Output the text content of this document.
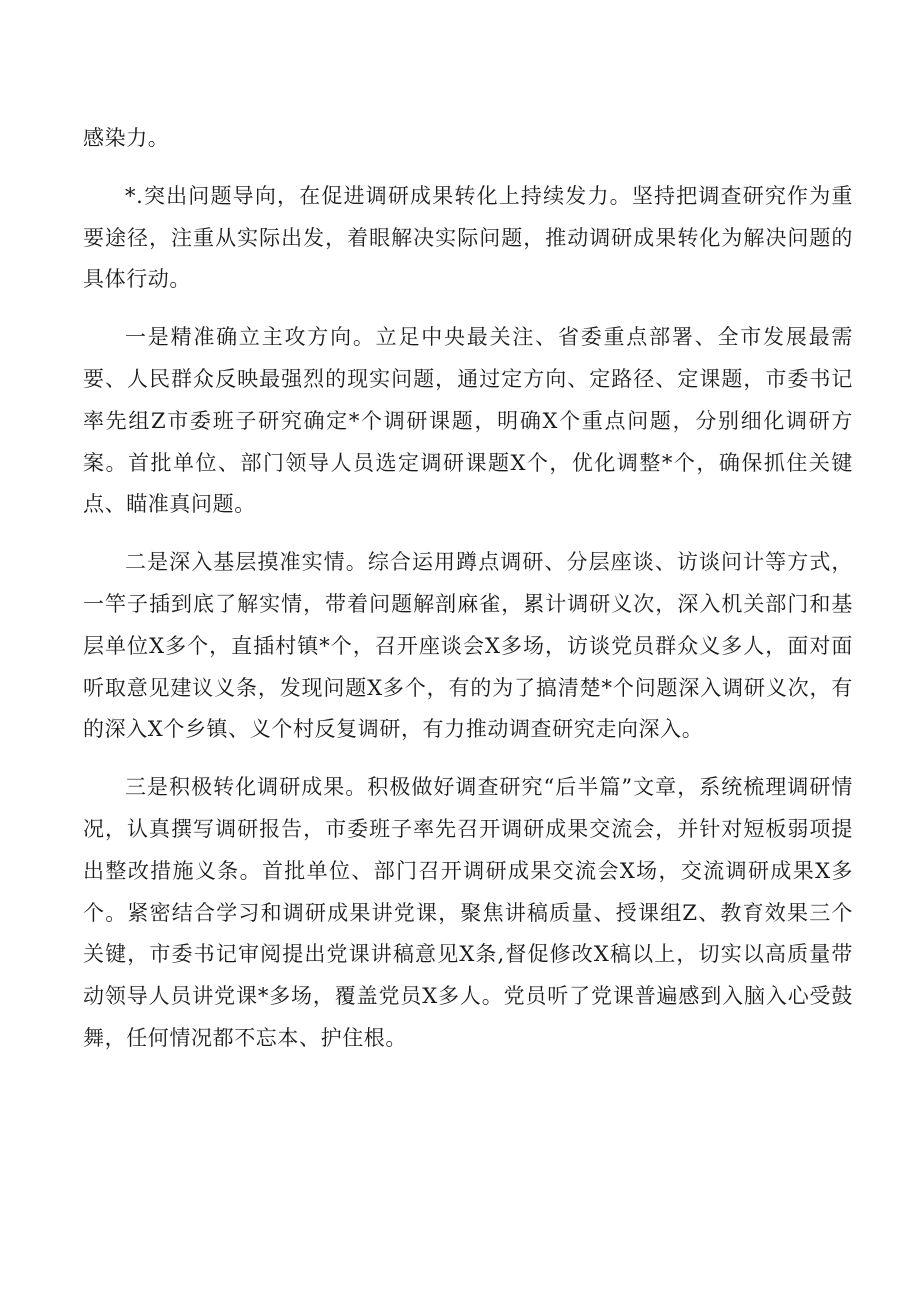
感染力。

*.突出问题导向，在促进调研成果转化上持续发力。坚持把调查研究作为重要途径，注重从实际出发，着眼解决实际问题，推动调研成果转化为解决问题的具体行动。

一是精准确立主攻方向。立足中央最关注、省委重点部署、全市发展最需要、人民群众反映最强烈的现实问题，通过定方向、定路径、定课题，市委书记率先组Z市委班子研究确定*个调研课题，明确X个重点问题，分别细化调研方案。首批单位、部门领导人员选定调研课题X个，优化调整*个，确保抓住关键点、瞄准真问题。

二是深入基层摸准实情。综合运用蹲点调研、分层座谈、访谈问计等方式，一竿子插到底了解实情，带着问题解剖麻雀，累计调研义次，深入机关部门和基层单位X多个，直插村镇*个，召开座谈会X多场，访谈党员群众义多人，面对面听取意见建议义条，发现问题X多个，有的为了搞清楚*个问题深入调研义次，有的深入X个乡镇、义个村反复调研，有力推动调查研究走向深入。

三是积极转化调研成果。积极做好调查研究“后半篇”文章，系统梳理调研情况，认真撰写调研报告，市委班子率先召开调研成果交流会，并针对短板弱项提出整改措施义条。首批单位、部门召开调研成果交流会X场，交流调研成果X多个。紧密结合学习和调研成果讲党课，聚焦讲稿质量、授课组Z、教育效果三个关键，市委书记审阅提出党课讲稿意见X条,督促修改X稿以上，切实以高质量带动领导人员讲党课*多场，覆盖党员X多人。党员听了党课普遍感到入脑入心受鼓舞，任何情况都不忘本、护住根。
